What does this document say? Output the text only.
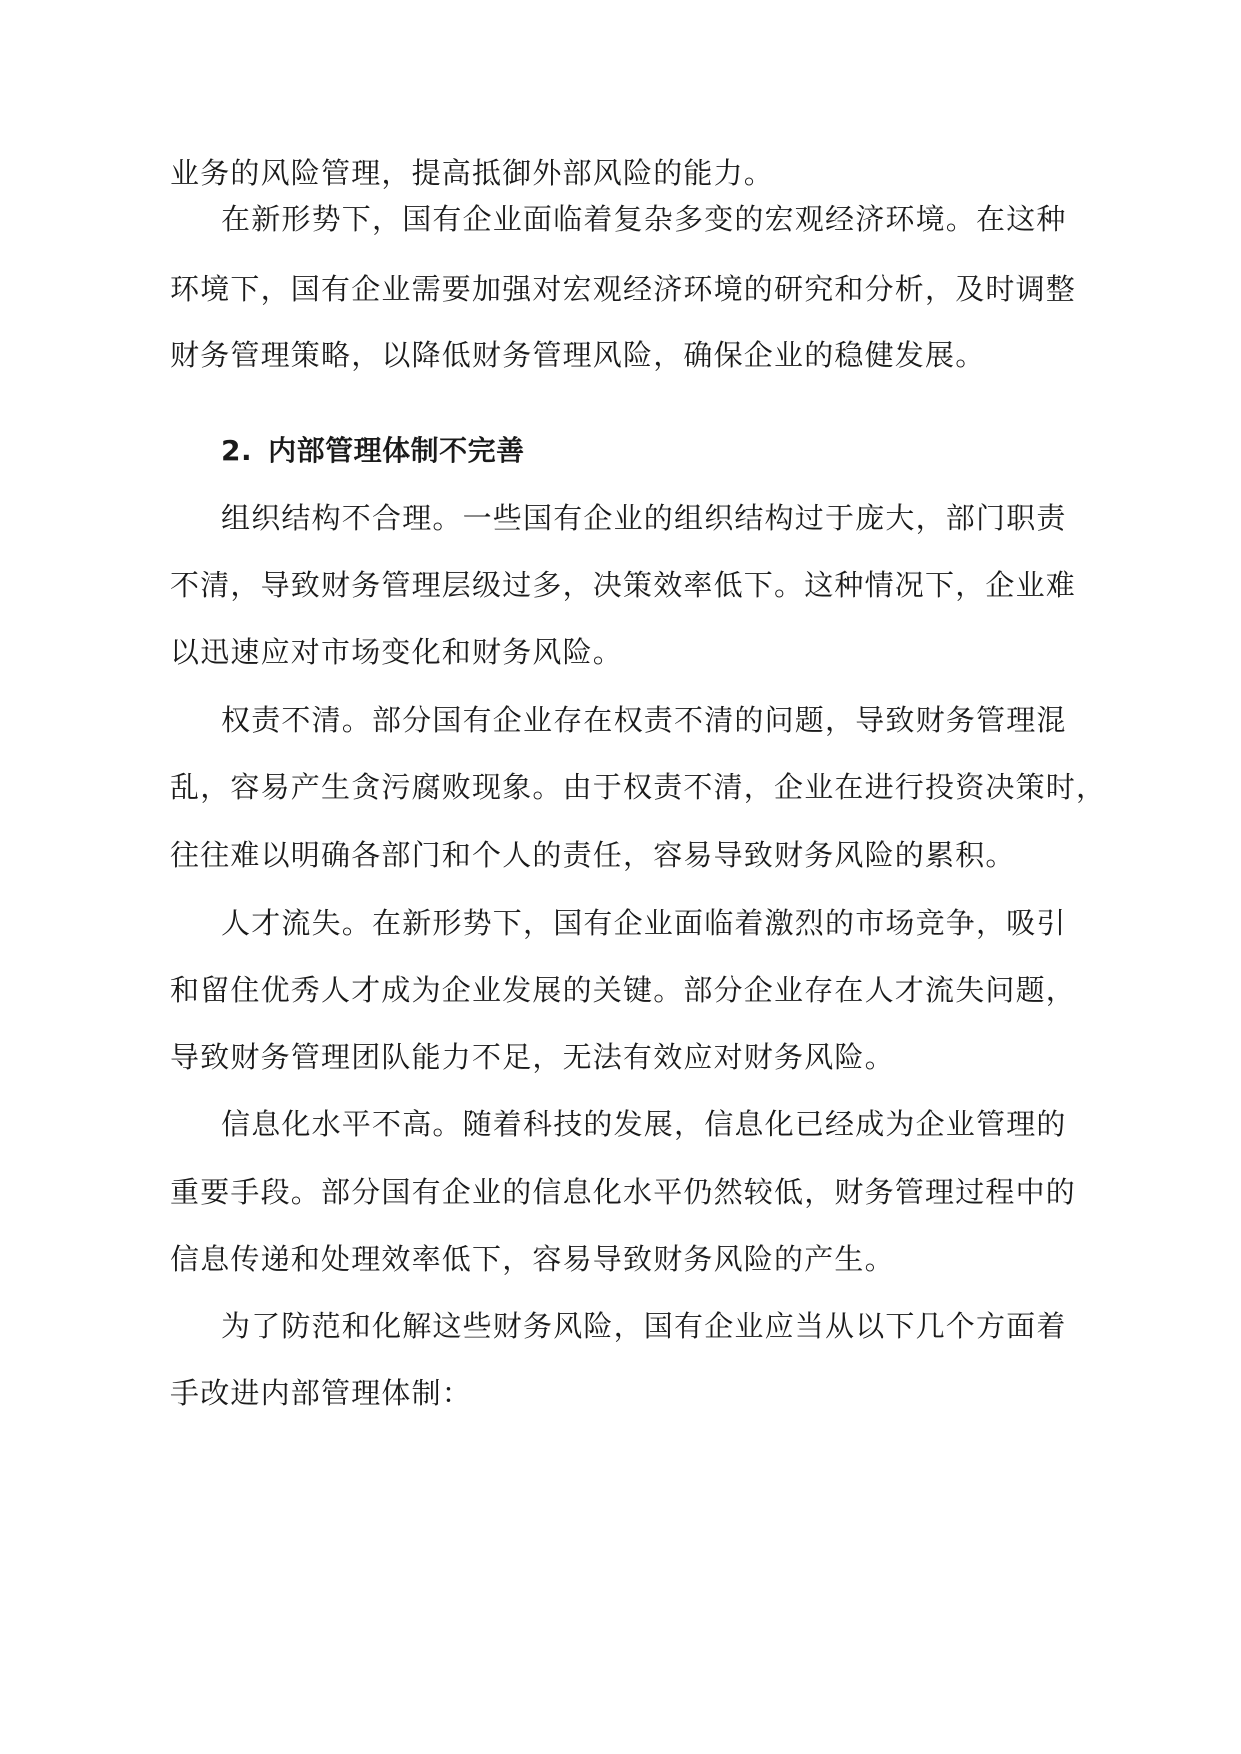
业务的风险管理，提高抵御外部风险的能力。
在新形势下，国有企业面临着复杂多变的宏观经济环境。在这种
环境下，国有企业需要加强对宏观经济环境的研究和分析，及时调整
财务管理策略，以降低财务管理风险，确保企业的稳健发展。
2. 内部管理体制不完善
组织结构不合理。一些国有企业的组织结构过于庞大，部门职责
不清，导致财务管理层级过多，决策效率低下。这种情况下，企业难
以迅速应对市场变化和财务风险。
权责不清。部分国有企业存在权责不清的问题，导致财务管理混
乱，容易产生贪污腐败现象。由于权责不清，企业在进行投资决策时，
往往难以明确各部门和个人的责任，容易导致财务风险的累积。
人才流失。在新形势下，国有企业面临着激烈的市场竞争，吸引
和留住优秀人才成为企业发展的关键。部分企业存在人才流失问题，
导致财务管理团队能力不足，无法有效应对财务风险。
信息化水平不高。随着科技的发展，信息化已经成为企业管理的
重要手段。部分国有企业的信息化水平仍然较低，财务管理过程中的
信息传递和处理效率低下，容易导致财务风险的产生。
为了防范和化解这些财务风险，国有企业应当从以下几个方面着
手改进内部管理体制：
